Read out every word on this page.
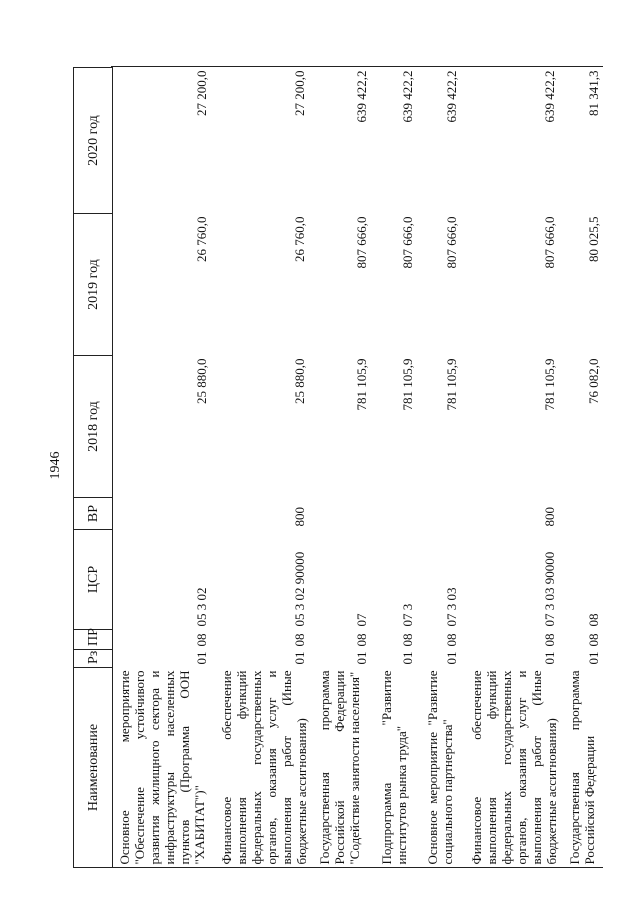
1946
Наименование	Рз	ПР	ЦСР	ВР	2018 год	2019 год	2020 год
Основное мероприятие "Обеспечение устойчивого развития жилищного сектора и инфраструктуры населенных пунктов (Программа ООН "ХАБИТАТ")"	01	08	05 3 02		25 880,0	26 760,0	27 200,0
Финансовое обеспечение выполнения функций федеральных государственных органов, оказания услуг и выполнения работ (Иные бюджетные ассигнования)	01	08	05 3 02 90000	800	25 880,0	26 760,0	27 200,0
Государственная программа Российской Федерации "Содействие занятости населения"	01	08	07		781 105,9	807 666,0	639 422,2
Подпрограмма "Развитие институтов рынка труда"	01	08	07 3		781 105,9	807 666,0	639 422,2
Основное мероприятие "Развитие социального партнерства"	01	08	07 3 03		781 105,9	807 666,0	639 422,2
Финансовое обеспечение выполнения функций федеральных государственных органов, оказания услуг и выполнения работ (Иные бюджетные ассигнования)	01	08	07 3 03 90000	800	781 105,9	807 666,0	639 422,2
Государственная программа Российской Федерации	01	08	08		76 082,0	80 025,5	81 341,3
